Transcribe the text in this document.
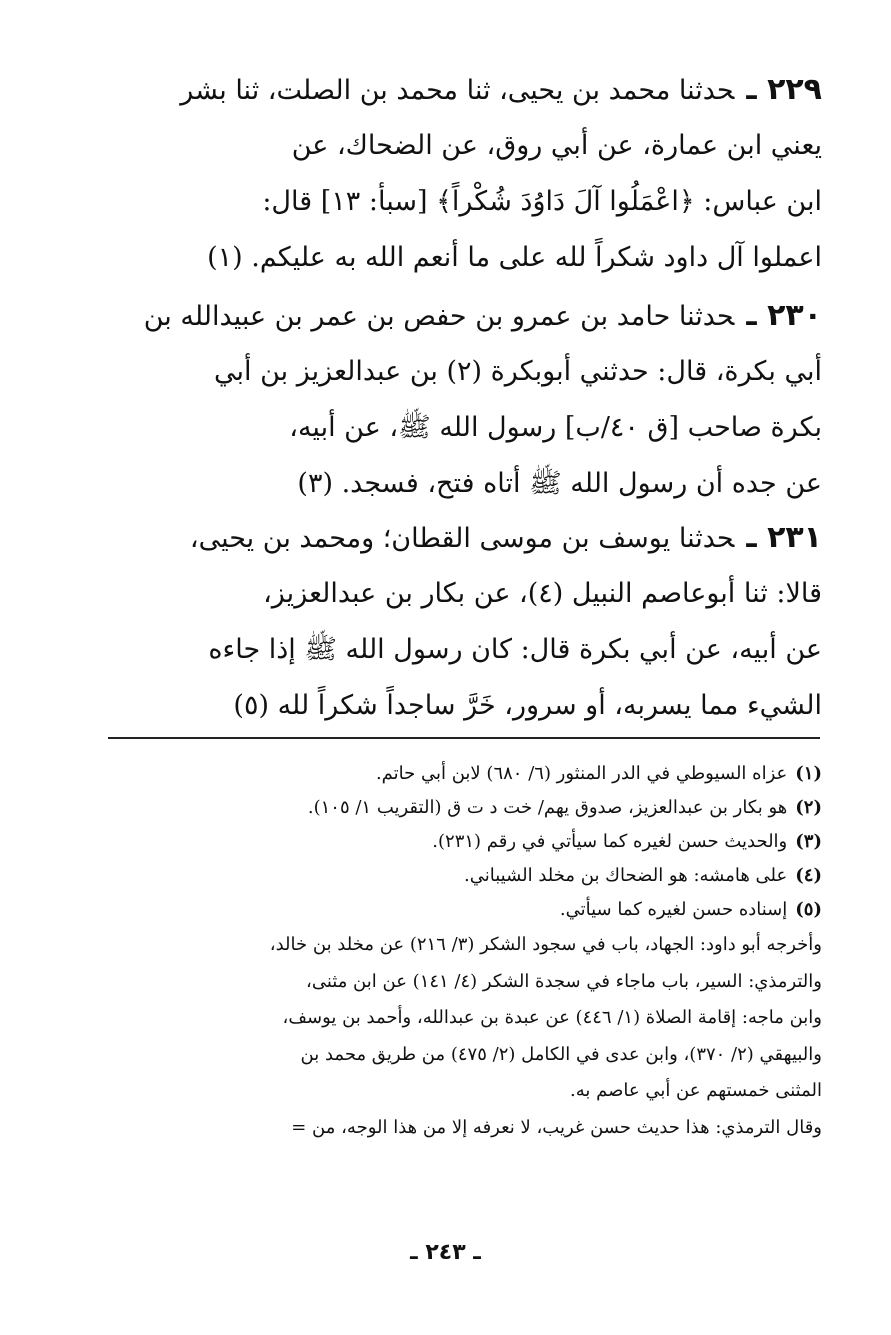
٢٢٩ ـحدثنا محمد بن يحيى، ثنا محمد بن الصلت، ثنا بشر
يعني ابن عمارة، عن أبي روق، عن الضحاك، عن
ابن عباس: ﴿اعْمَلُوا آلَ دَاوُدَ شُكْراً﴾ [سبأ: ١٣] قال:
اعملوا آل داود شكراً لله على ما أنعم الله به عليكم. (١)
٢٣٠ ـحدثنا حامد بن عمرو بن حفص بن عمر بن عبيدالله بن
أبي بكرة، قال: حدثني أبوبكرة (٢) بن عبدالعزيز بن أبي
بكرة صاحب [ق ٤٠/ب] رسول الله ﷺ، عن أبيه،
عن جده أن رسول الله ﷺ أتاه فتح، فسجد. (٣)
٢٣١ ـحدثنا يوسف بن موسى القطان؛ ومحمد بن يحيى،
قالا: ثنا أبوعاصم النبيل (٤)، عن بكار بن عبدالعزيز،
عن أبيه، عن أبي بكرة قال: كان رسول الله ﷺ إذا جاءه
الشيء مما يسربه، أو سرور، خَرَّ ساجداً شكراً لله (٥)
(١)عزاه السيوطي في الدر المنثور (٦/ ٦٨٠) لابن أبي حاتم.
(٢)هو بكار بن عبدالعزيز، صدوق يهم/ خت د ت ق (التقريب ١/ ١٠٥).
(٣)والحديث حسن لغيره كما سيأتي في رقم (٢٣١).
(٤)على هامشه: هو الضحاك بن مخلد الشيباني.
(٥)إسناده حسن لغيره كما سيأتي.
وأخرجه أبو داود: الجهاد، باب في سجود الشكر (٣/ ٢١٦) عن مخلد بن خالد،
والترمذي: السير، باب ماجاء في سجدة الشكر (٤/ ١٤١) عن ابن مثنى،
وابن ماجه: إقامة الصلاة (١/ ٤٤٦) عن عبدة بن عبدالله، وأحمد بن يوسف،
والبيهقي (٢/ ٣٧٠)، وابن عدى في الكامل (٢/ ٤٧٥) من طريق محمد بن
المثنى خمستهم عن أبي عاصم به.
وقال الترمذي: هذا حديث حسن غريب، لا نعرفه إلا من هذا الوجه، من =
ـ ٢٤٣ ـ
